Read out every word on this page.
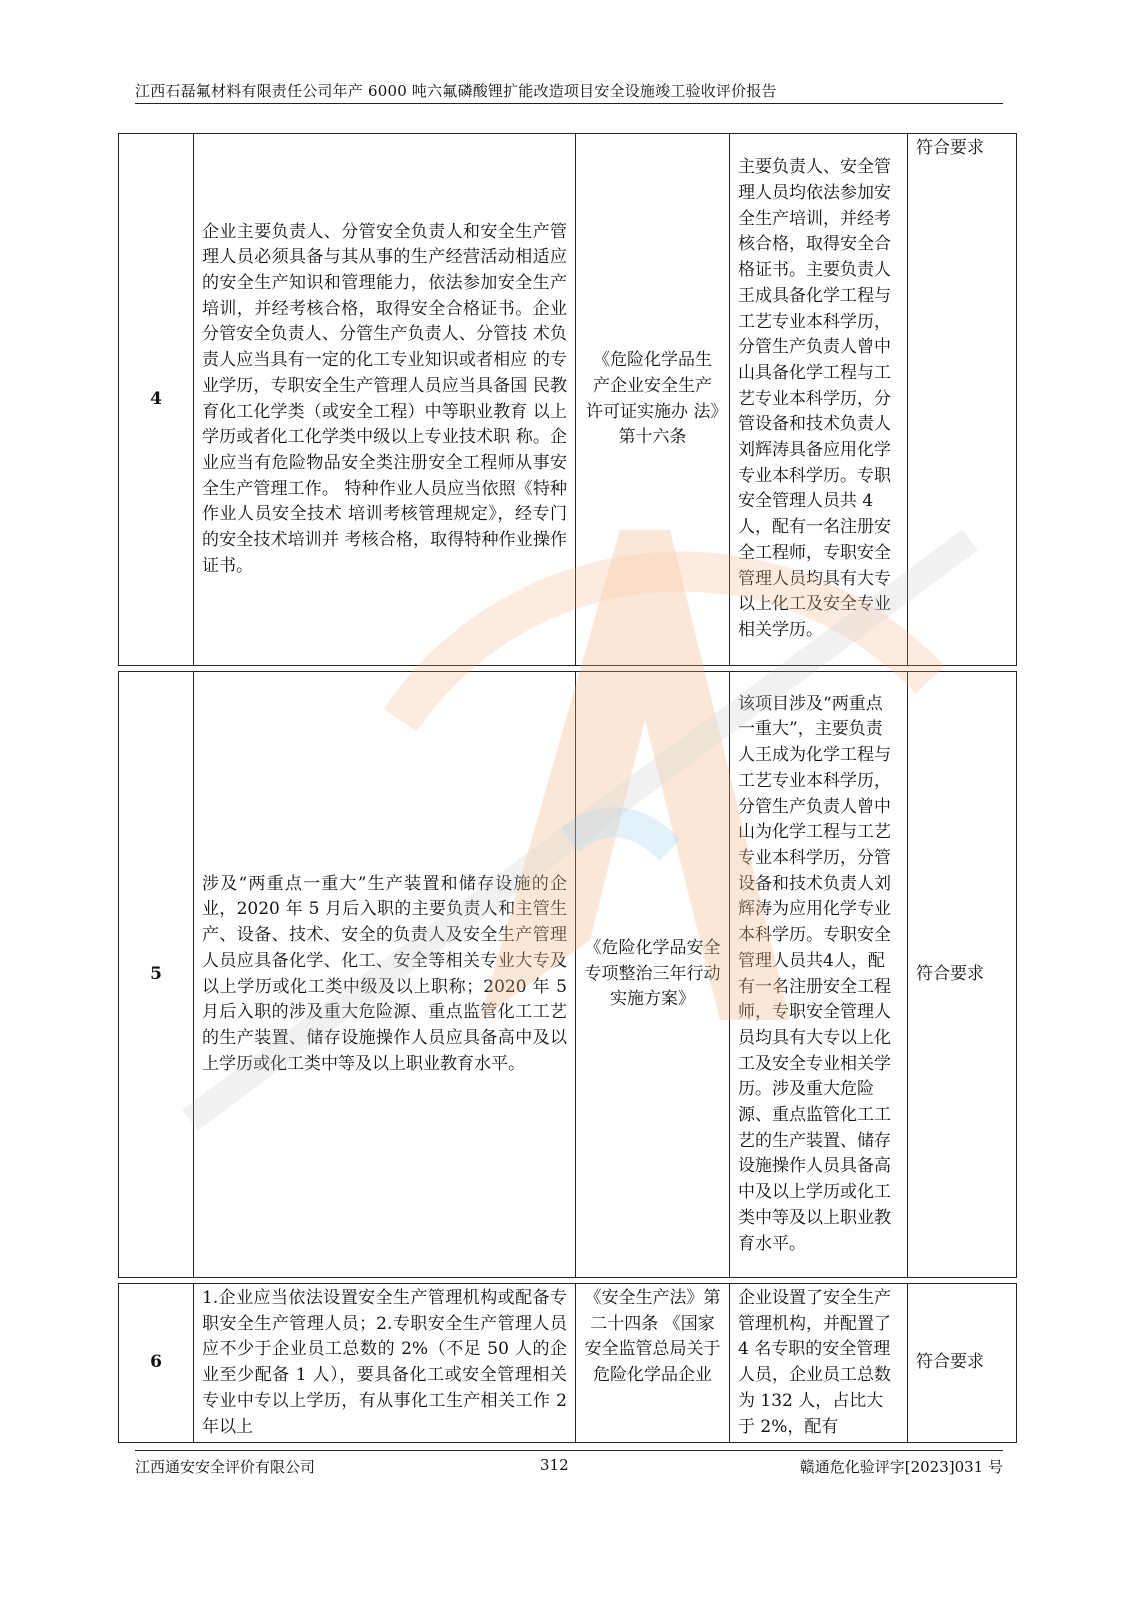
江西石磊氟材料有限责任公司年产 6000 吨六氟磷酸锂扩能改造项目安全设施竣工验收评价报告
4	企业主要负责人、分管安全负责人和安全生产管 理人员必须具备与其从事的生产经营活动相适应 的安全生产知识和管理能力，依法参加安全生产 培训，并经考核合格，取得安全合格证书。企业分管安全负责人、分管生产负责人、分管技 术负责人应当具有一定的化工专业知识或者相应 的专业学历，专职安全生产管理人员应当具备国 民教育化工化学类（或安全工程）中等职业教育 以上学历或者化工化学类中级以上专业技术职 称。企业应当有危险物品安全类注册安全工程师从事安全生产管理工作。 特种作业人员应当依照《特种作业人员安全技术 培训考核管理规定》，经专门的安全技术培训并 考核合格，取得特种作业操作证书。	《危险化学品生 产企业安全生产 许可证实施办 法》第十六条	主要负责人、安全管理人员均依法参加安全生产培训，并经考核合格，取得安全合格证书。主要负责人王成具备化学工程与工艺专业本科学历，分管生产负责人曾中山具备化学工程与工艺专业本科学历，分管设备和技术负责人刘辉涛具备应用化学专业本科学历。专职安全管理人员共 4 人，配有一名注册安全工程师，专职安全管理人员均具有大专以上化工及安全专业相关学历。	符合要求

5	涉及“两重点一重大”生产装置和储存设施的企业，2020 年 5 月后入职的主要负责人和主管生产、设备、技术、安全的负责人及安全生产管理人员应具备化学、化工、安全等相关专业大专及以上学历或化工类中级及以上职称；2020 年 5 月后入职的涉及重大危险源、重点监管化工工艺的生产装置、储存设施操作人员应具备高中及以上学历或化工类中等及以上职业教育水平。	《危险化学品安全专项整治三年行动实施方案》	该项目涉及“两重点一重大”，主要负责人王成为化学工程与工艺专业本科学历，分管生产负责人曾中山为化学工程与工艺专业本科学历，分管设备和技术负责人刘辉涛为应用化学专业本科学历。专职安全管理人员共4人，配有一名注册安全工程师，专职安全管理人员均具有大专以上化工及安全专业相关学历。涉及重大危险源、重点监管化工工艺的生产装置、储存设施操作人员具备高中及以上学历或化工类中等及以上职业教育水平。	符合要求

6	1.企业应当依法设置安全生产管理机构或配备专职安全生产管理人员；2.专职安全生产管理人员应不少于企业员工总数的 2%（不足 50 人的企业至少配备 1 人），要具备化工或安全管理相关专业中专以上学历，有从事化工生产相关工作 2 年以上	《安全生产法》第二十四条 《国家安全监管总局关于危险化学品企业	企业设置了安全生产管理机构，并配置了 4 名专职的安全管理人员，企业员工总数为 132 人，占比大于 2%，配有	符合要求
江西通安安全评价有限公司	312	赣通危化验评字[2023]031 号
